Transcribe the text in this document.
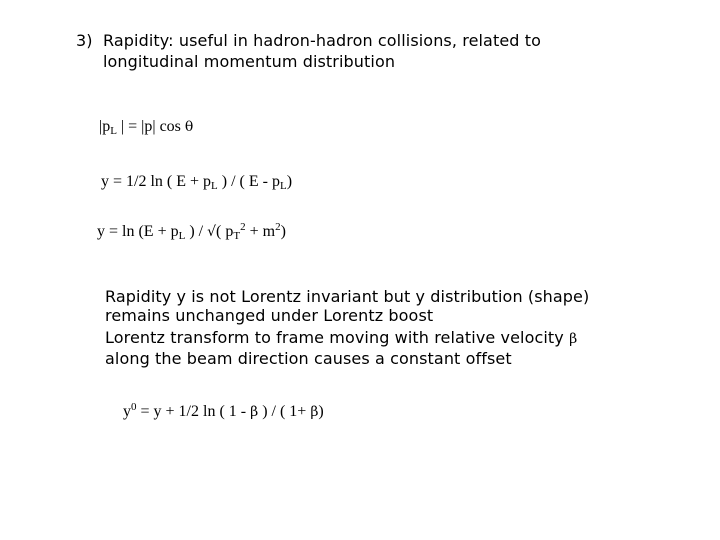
3) Rapidity: useful in hadron-hadron collisions, related to
longitudinal momentum distribution
$|p_L$ | = |p| cos θ
y = 1/2 ln ( $E + p_L$ ) / ( E - $p_L$)
$y = \ln (E + p_L$ ) / √( $p_T^2 + m^2$)
Rapidity y is not Lorentz invariant but y distribution (shape)
remains unchanged under Lorentz boost
Lorentz transform to frame moving with relative velocity β
along the beam direction causes a constant offset
$y^0 = y + 1/2$ ln ( 1 - β ) / ( 1+ β)
